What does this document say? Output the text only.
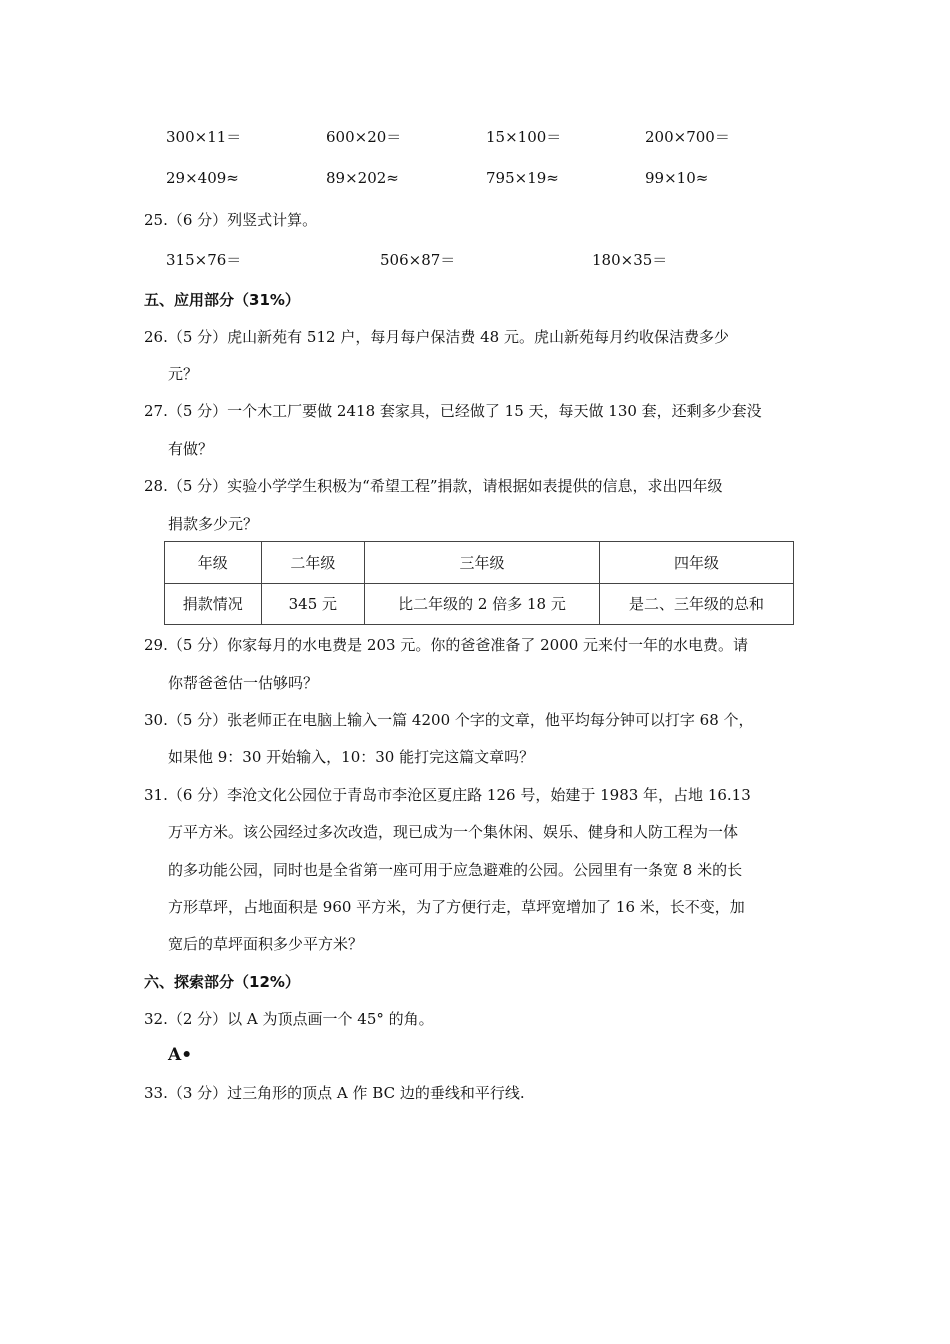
300×11＝	600×20＝	15×100＝	200×700＝
29×409≈	89×202≈	795×19≈	99×10≈
25.（6 分）列竖式计算。
315×76＝	506×87＝	180×35＝
五、应用部分（31%）
26.（5 分）虎山新苑有 512 户，每月每户保洁费 48 元。虎山新苑每月约收保洁费多少
元？
27.（5 分）一个木工厂要做 2418 套家具，已经做了 15 天，每天做 130 套，还剩多少套没
有做？
28.（5 分）实验小学学生积极为“希望工程”捐款，请根据如表提供的信息，求出四年级
捐款多少元？
年级	二年级	三年级	四年级
捐款情况	345 元	比二年级的 2 倍多 18 元	是二、三年级的总和
29.（5 分）你家每月的水电费是 203 元。你的爸爸准备了 2000 元来付一年的水电费。请
你帮爸爸估一估够吗？
30.（5 分）张老师正在电脑上输入一篇 4200 个字的文章，他平均每分钟可以打字 68 个，
如果他 9：30 开始输入，10：30 能打完这篇文章吗？
31.（6 分）李沧文化公园位于青岛市李沧区夏庄路 126 号，始建于 1983 年，占地 16.13
万平方米。该公园经过多次改造，现已成为一个集休闲、娱乐、健身和人防工程为一体
的多功能公园，同时也是全省第一座可用于应急避难的公园。公园里有一条宽 8 米的长
方形草坪，占地面积是 960 平方米，为了方便行走，草坪宽增加了 16 米，长不变，加
宽后的草坪面积多少平方米？
六、探索部分（12%）
32.（2 分）以 A 为顶点画一个 45° 的角。
A•
33.（3 分）过三角形的顶点 A 作 BC 边的垂线和平行线.
